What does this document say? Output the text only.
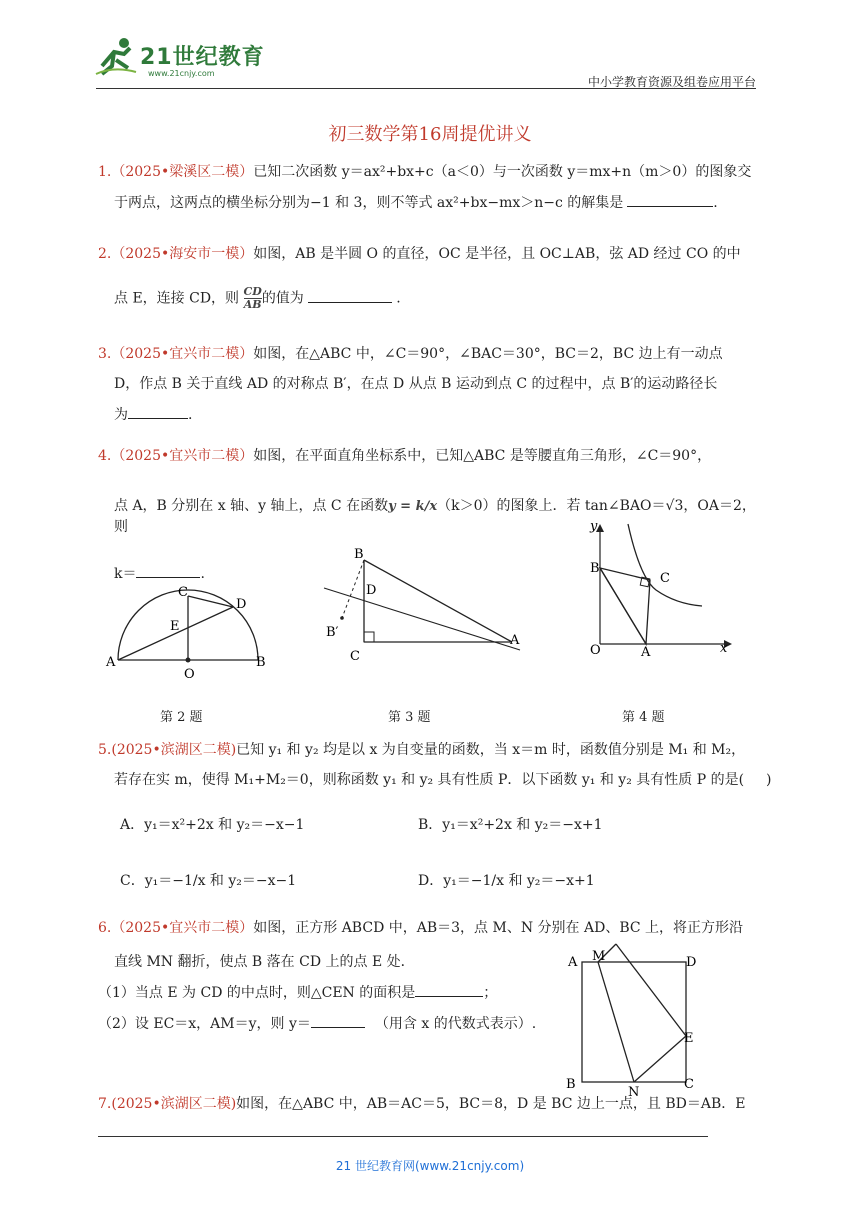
21世纪教育
www.21cnjy.com
中小学教育资源及组卷应用平台
初三数学第16周提优讲义
1.（2025•梁溪区二模）已知二次函数 y＝ax²+bx+c（a＜0）与一次函数 y＝mx+n（m＞0）的图象交
于两点，这两点的横坐标分别为−1 和 3，则不等式 ax²+bx−mx＞n−c 的解集是	.
2.（2025•海安市一模）如图，AB 是半圆 O 的直径，OC 是半径，且 OC⊥AB，弦 AD 经过 CO 的中
点 E，连接 CD，则 $\frac{CD}{AB}$ 的值为	.
3.（2025•宜兴市二模）如图，在△ABC 中，∠C＝90°，∠BAC＝30°，BC＝2，BC 边上有一动点
D，作点 B 关于直线 AD 的对称点 B′，在点 D 从点 B 运动到点 C 的过程中，点 B′的运动路径长
为	.
4.（2025•宜兴市二模）如图，在平面直角坐标系中，已知△ABC 是等腰直角三角形，∠C＝90°，
点 A，B 分别在 x 轴、y 轴上，点 C 在函数y = k/x（k＞0）的图象上．若 tan∠BAO＝√3，OA＝2，则
k＝	.
C
D
E
A	B
O
B
D
B′
C
A
y
B
C
O	A	x
第 2 题	第 3 题	第 4 题
5.(2025•滨湖区二模)已知 y₁ 和 y₂ 均是以 x 为自变量的函数，当 x＝m 时，函数值分别是 M₁ 和 M₂，
若存在实 m，使得 M₁+M₂＝0，则称函数 y₁ 和 y₂ 具有性质 P．以下函数 y₁ 和 y₂ 具有性质 P 的是( )
A．y₁＝x²+2x 和 y₂＝−x−1	B．y₁＝x²+2x 和 y₂＝−x+1
C．y₁＝−1/x 和 y₂＝−x−1	D．y₁＝−1/x 和 y₂＝−x+1
6.（2025•宜兴市二模）如图，正方形 ABCD 中，AB＝3，点 M、N 分别在 AD、BC 上，将正方形沿
直线 MN 翻折，使点 B 落在 CD 上的点 E 处．
（1）当点 E 为 CD 的中点时，则△CEN 的面积是	；
（2）设 EC＝x，AM＝y，则 y＝	（用含 x 的代数式表示）.
A M	D
E
B
N
C
7.(2025•滨湖区二模)如图，在△ABC 中，AB＝AC＝5，BC＝8，D 是 BC 边上一点，且 BD＝AB．E
21 世纪教育网(www.21cnjy.com)
